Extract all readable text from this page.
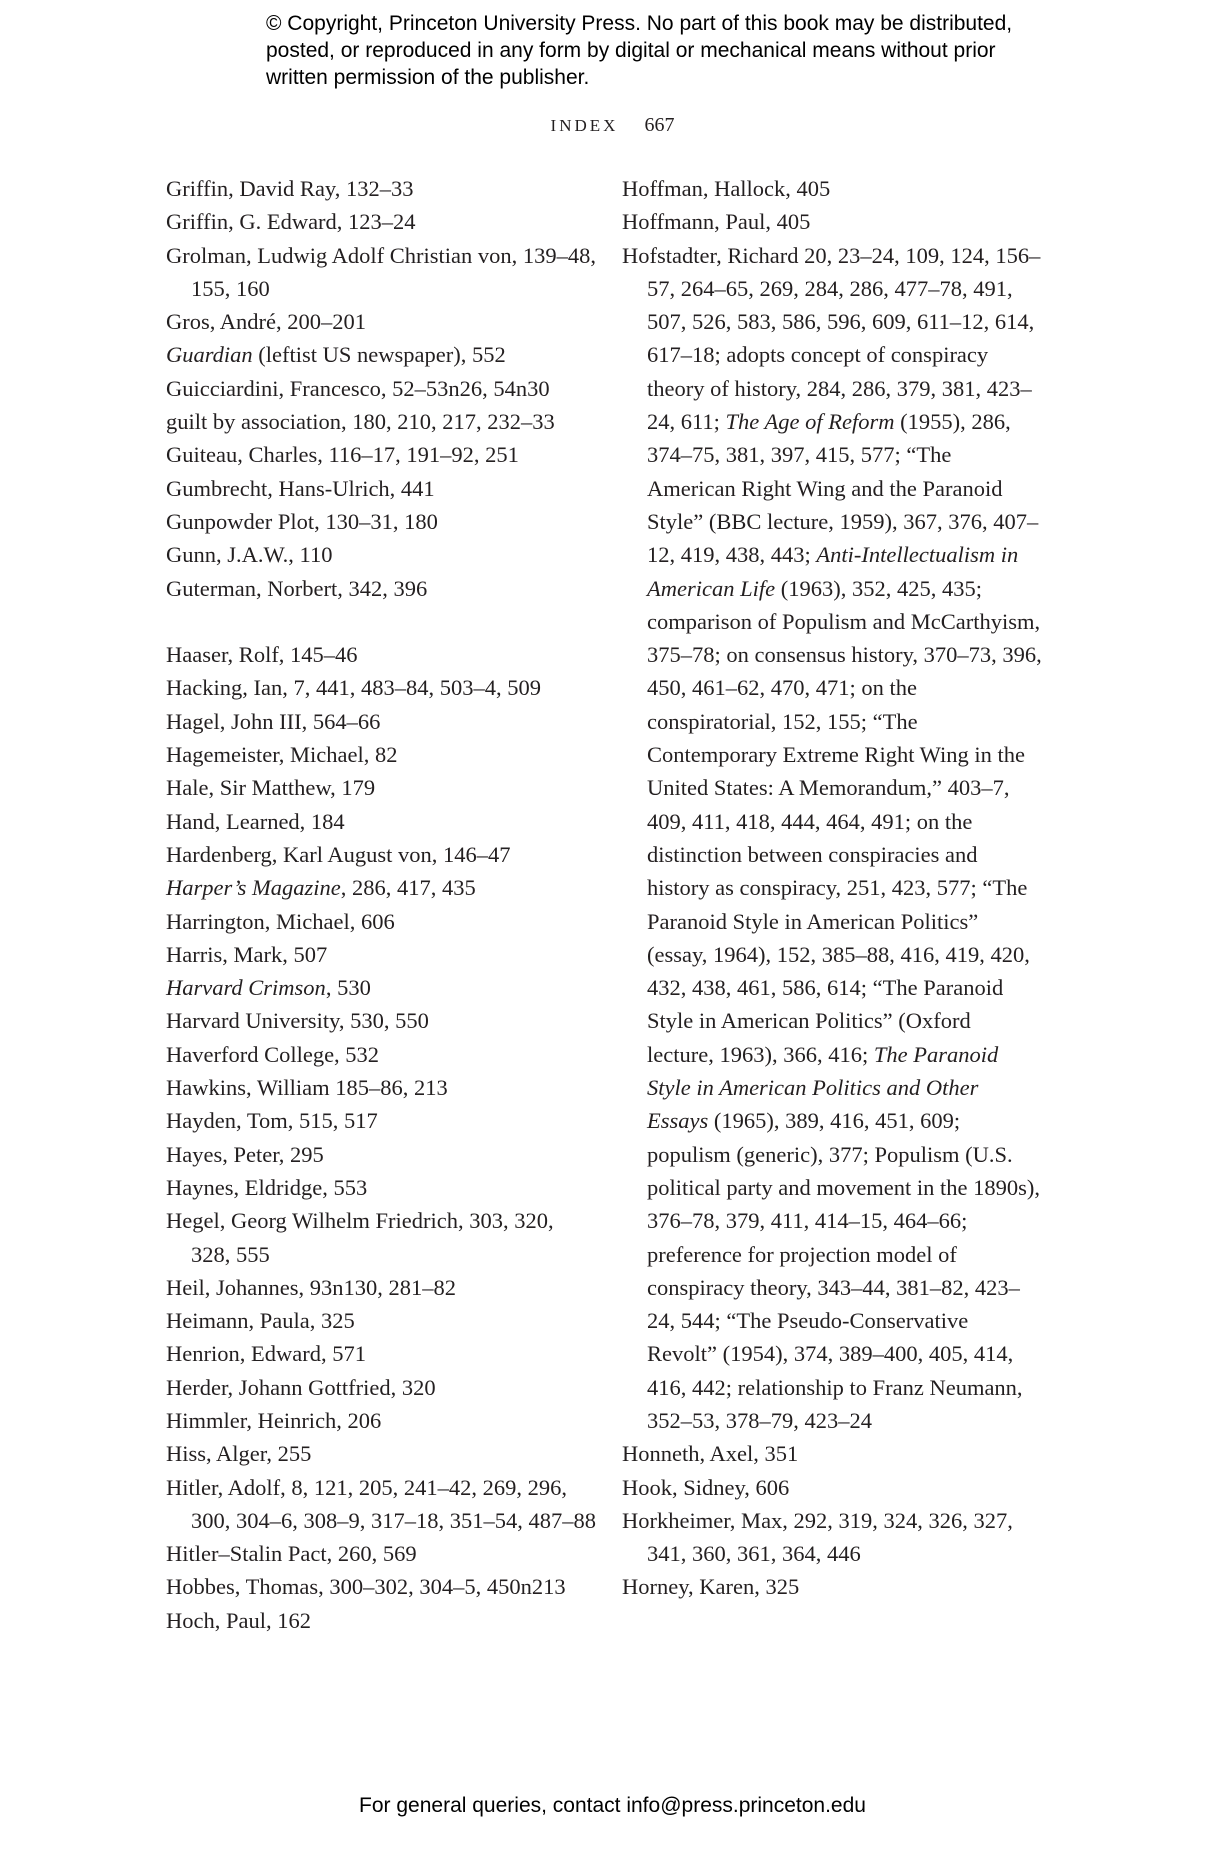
© Copyright, Princeton University Press. No part of this book may be distributed, posted, or reproduced in any form by digital or mechanical means without prior written permission of the publisher.

INDEX 667

Griffin, David Ray, 132–33

Griffin, G. Edward, 123–24

Grolman, Ludwig Adolf Christian von, 139–48, 155, 160

Gros, André, 200–201

Guardian (leftist US newspaper), 552

Guicciardini, Francesco, 52–53n26, 54n30

guilt by association, 180, 210, 217, 232–33

Guiteau, Charles, 116–17, 191–92, 251

Gumbrecht, Hans-Ulrich, 441

Gunpowder Plot, 130–31, 180

Gunn, J.A.W., 110

Guterman, Norbert, 342, 396

Haaser, Rolf, 145–46

Hacking, Ian, 7, 441, 483–84, 503–4, 509

Hagel, John III, 564–66

Hagemeister, Michael, 82

Hale, Sir Matthew, 179

Hand, Learned, 184

Hardenberg, Karl August von, 146–47

Harper’s Magazine, 286, 417, 435

Harrington, Michael, 606

Harris, Mark, 507

Harvard Crimson, 530

Harvard University, 530, 550

Haverford College, 532

Hawkins, William 185–86, 213

Hayden, Tom, 515, 517

Hayes, Peter, 295

Haynes, Eldridge, 553

Hegel, Georg Wilhelm Friedrich, 303, 320, 328, 555

Heil, Johannes, 93n130, 281–82

Heimann, Paula, 325

Henrion, Edward, 571

Herder, Johann Gottfried, 320

Himmler, Heinrich, 206

Hiss, Alger, 255

Hitler, Adolf, 8, 121, 205, 241–42, 269, 296, 300, 304–6, 308–9, 317–18, 351–54, 487–88

Hitler–Stalin Pact, 260, 569

Hobbes, Thomas, 300–302, 304–5, 450n213

Hoch, Paul, 162

Hoffman, Hallock, 405

Hoffmann, Paul, 405

Hofstadter, Richard 20, 23–24, 109, 124, 156–57, 264–65, 269, 284, 286, 477–78, 491, 507, 526, 583, 586, 596, 609, 611–12, 614, 617–18; adopts concept of conspiracy theory of history, 284, 286, 379, 381, 423–24, 611; The Age of Reform (1955), 286, 374–75, 381, 397, 415, 577; “The American Right Wing and the Paranoid Style” (BBC lecture, 1959), 367, 376, 407–12, 419, 438, 443; Anti-Intellectualism in American Life (1963), 352, 425, 435; comparison of Populism and McCarthyism, 375–78; on consensus history, 370–73, 396, 450, 461–62, 470, 471; on the conspiratorial, 152, 155; “The Contemporary Extreme Right Wing in the United States: A Memorandum,” 403–7, 409, 411, 418, 444, 464, 491; on the distinction between conspiracies and history as conspiracy, 251, 423, 577; “The Paranoid Style in American Politics” (essay, 1964), 152, 385–88, 416, 419, 420, 432, 438, 461, 586, 614; “The Paranoid Style in American Politics” (Oxford lecture, 1963), 366, 416; The Paranoid Style in American Politics and Other Essays (1965), 389, 416, 451, 609; populism (generic), 377; Populism (U.S. political party and movement in the 1890s), 376–78, 379, 411, 414–15, 464–66; preference for projection model of conspiracy theory, 343–44, 381–82, 423–24, 544; “The Pseudo-Conservative Revolt” (1954), 374, 389–400, 405, 414, 416, 442; relationship to Franz Neumann, 352–53, 378–79, 423–24

Honneth, Axel, 351

Hook, Sidney, 606

Horkheimer, Max, 292, 319, 324, 326, 327, 341, 360, 361, 364, 446

Horney, Karen, 325

For general queries, contact info@press.princeton.edu
